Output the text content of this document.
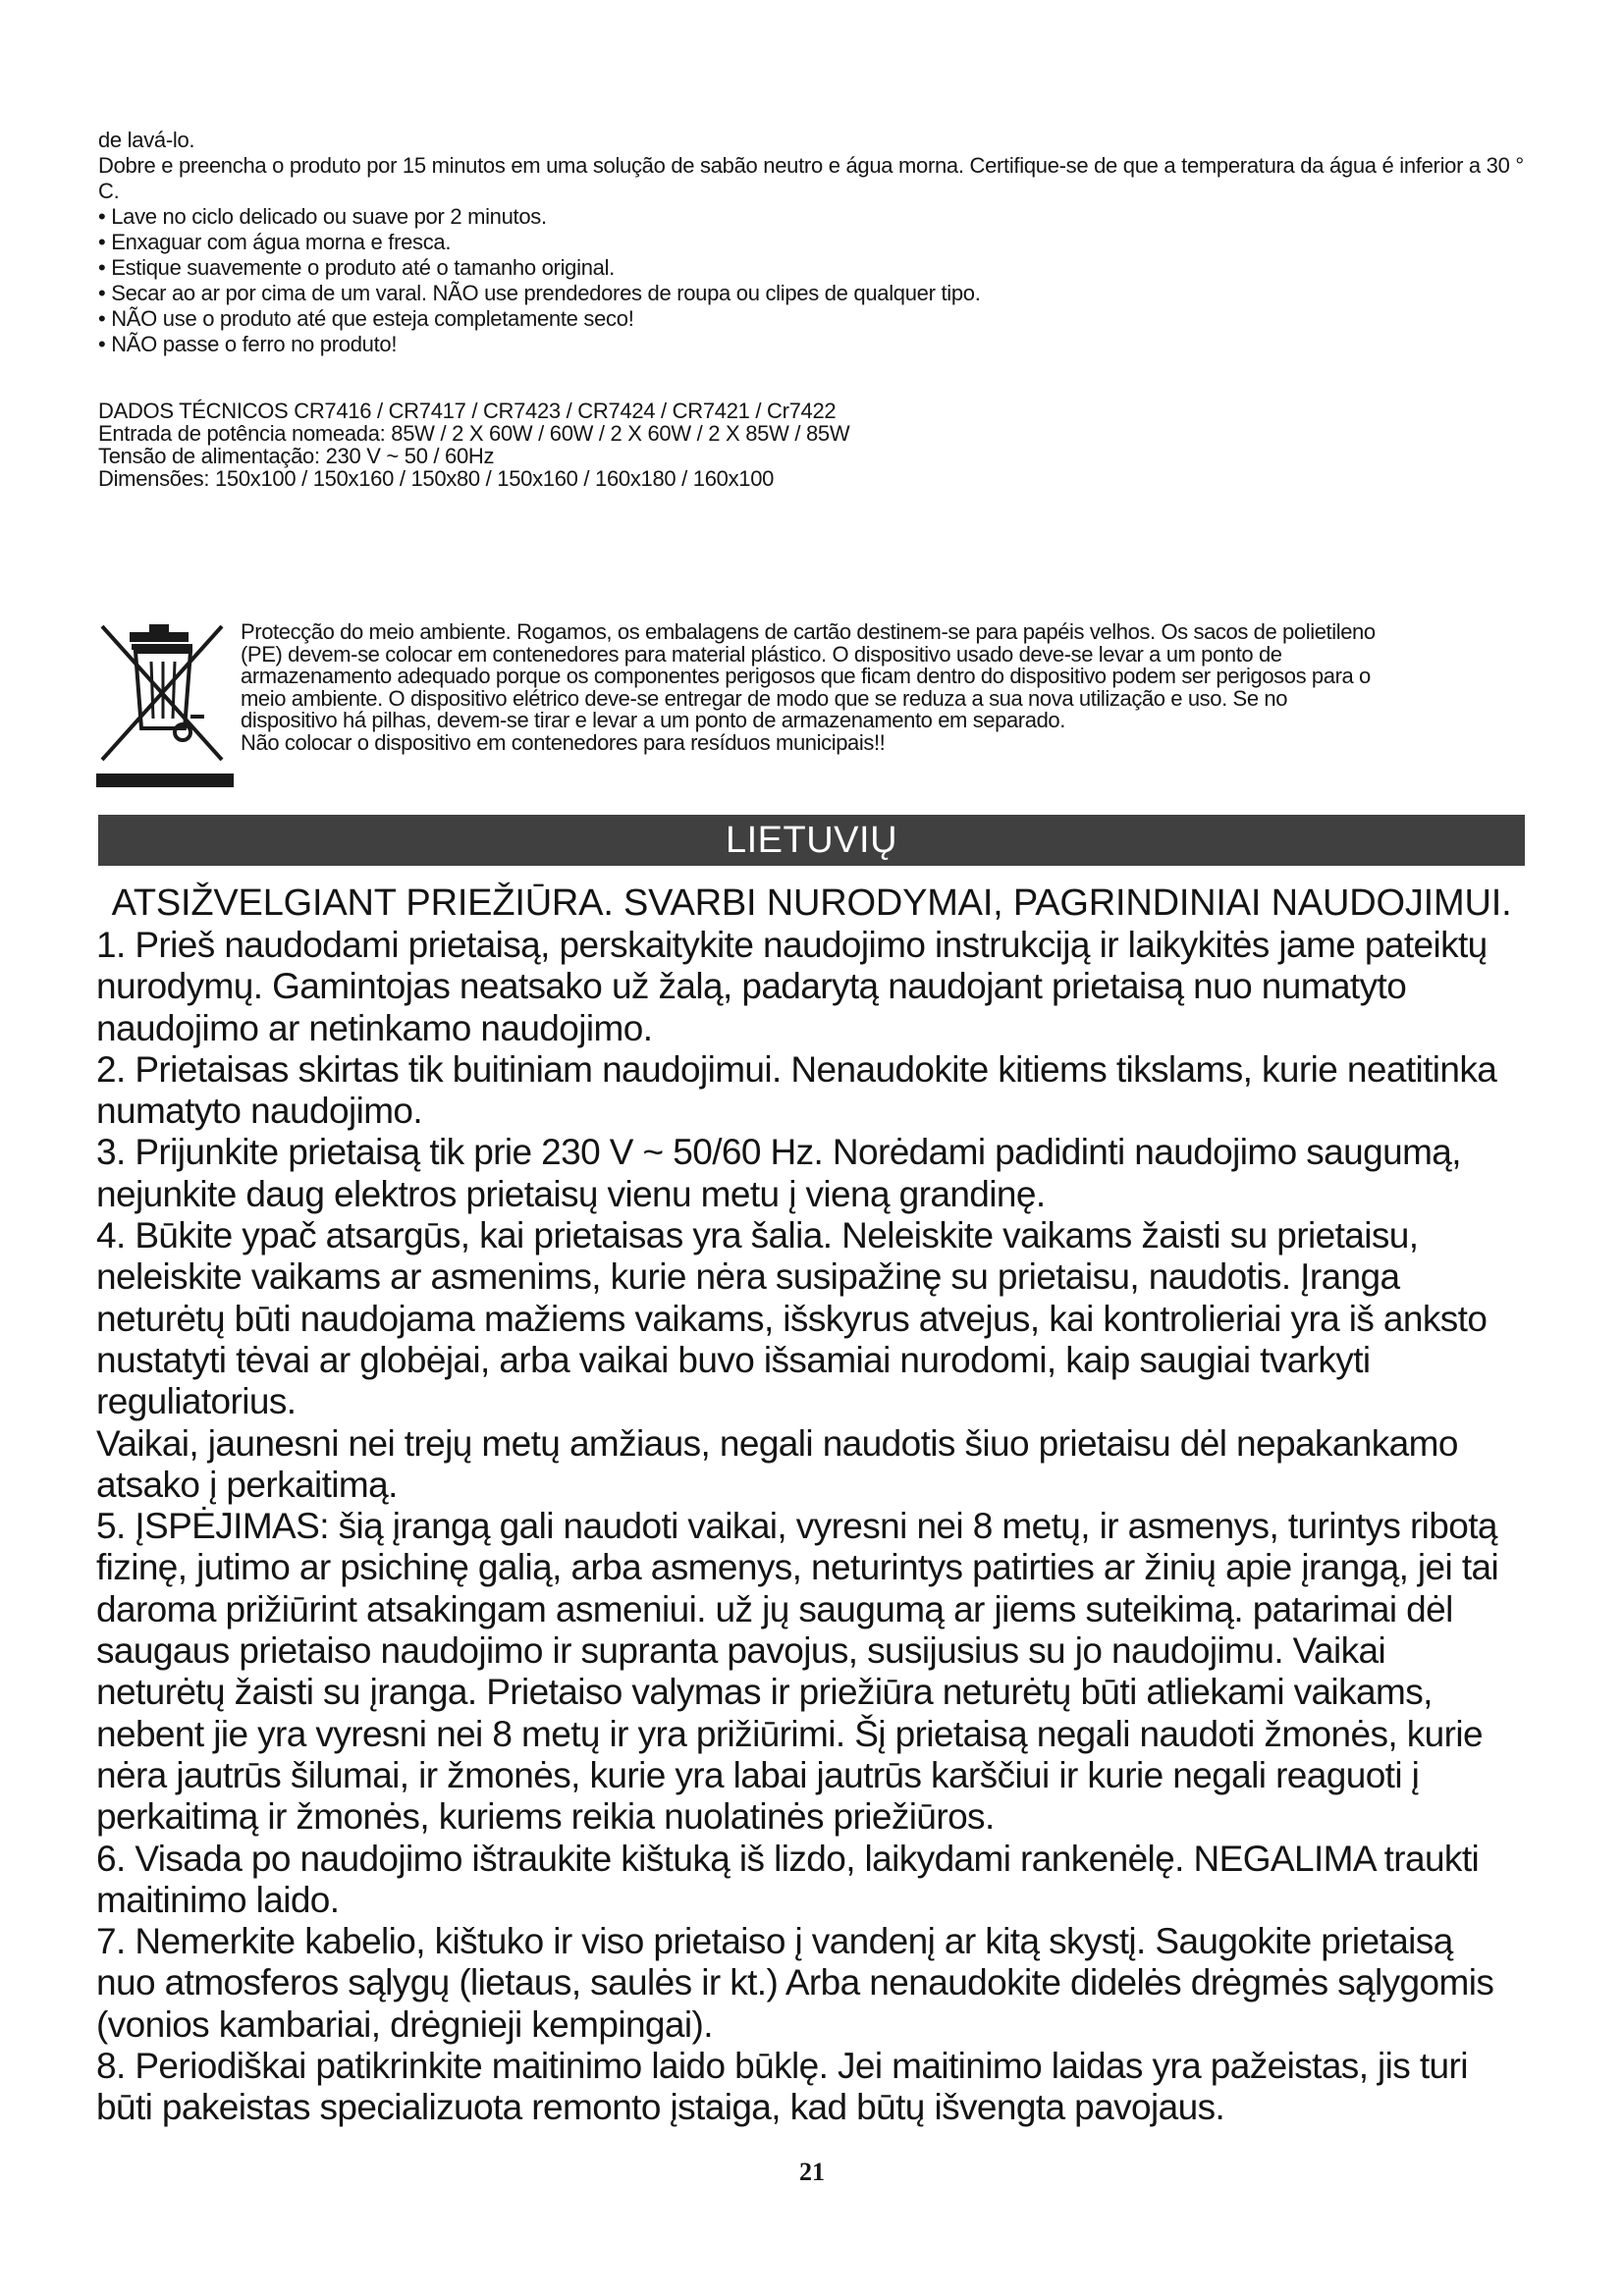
de lavá-lo.

Dobre e preencha o produto por 15 minutos em uma solução de sabão neutro e água morna. Certifique-se de que a temperatura da água é inferior a 30 ° C.

• Lave no ciclo delicado ou suave por 2 minutos.

• Enxaguar com água morna e fresca.

• Estique suavemente o produto até o tamanho original.

• Secar ao ar por cima de um varal. NÃO use prendedores de roupa ou clipes de qualquer tipo.

• NÃO use o produto até que esteja completamente seco!

• NÃO passe o ferro no produto!

DADOS TÉCNICOS CR7416 / CR7417 / CR7423 / CR7424 / CR7421 / Cr7422

Entrada de potência nomeada: 85W / 2 X 60W / 60W / 2 X 60W / 2 X 85W / 85W

Tensão de alimentação: 230 V ~ 50 / 60Hz

Dimensões: 150x100 / 150x160 / 150x80 / 150x160 / 160x180 / 160x100

Protecção do meio ambiente. Rogamos, os embalagens de cartão destinem-se para papéis velhos. Os sacos de polietileno

(PE) devem-se colocar em contenedores para material plástico. O dispositivo usado deve-se levar a um ponto de

armazenamento adequado porque os componentes perigosos que ficam dentro do dispositivo podem ser perigosos para o

meio ambiente. O dispositivo elétrico deve-se entregar de modo que se reduza a sua nova utilização e uso. Se no

dispositivo há pilhas, devem-se tirar e levar a um ponto de armazenamento em separado.

Não colocar o dispositivo em contenedores para resíduos municipais!!

LIETUVIŲ
ATSIŽVELGIANT PRIEŽIŪRA. SVARBI NURODYMAI, PAGRINDINIAI NAUDOJIMUI.

1. Prieš naudodami prietaisą, perskaitykite naudojimo instrukciją ir laikykitės jame pateiktų

nurodymų. Gamintojas neatsako už žalą, padarytą naudojant prietaisą nuo numatyto

naudojimo ar netinkamo naudojimo.

2. Prietaisas skirtas tik buitiniam naudojimui. Nenaudokite kitiems tikslams, kurie neatitinka

numatyto naudojimo.

3. Prijunkite prietaisą tik prie 230 V ~ 50/60 Hz. Norėdami padidinti naudojimo saugumą,

nejunkite daug elektros prietaisų vienu metu į vieną grandinę.

4. Būkite ypač atsargūs, kai prietaisas yra šalia. Neleiskite vaikams žaisti su prietaisu,

neleiskite vaikams ar asmenims, kurie nėra susipažinę su prietaisu, naudotis. Įranga

neturėtų būti naudojama mažiems vaikams, išskyrus atvejus, kai kontrolieriai yra iš anksto

nustatyti tėvai ar globėjai, arba vaikai buvo išsamiai nurodomi, kaip saugiai tvarkyti

reguliatorius.

Vaikai, jaunesni nei trejų metų amžiaus, negali naudotis šiuo prietaisu dėl nepakankamo

atsako į perkaitimą.

5. ĮSPĖJIMAS: šią įrangą gali naudoti vaikai, vyresni nei 8 metų, ir asmenys, turintys ribotą

fizinę, jutimo ar psichinę galią, arba asmenys, neturintys patirties ar žinių apie įrangą, jei tai

daroma prižiūrint atsakingam asmeniui. už jų saugumą ar jiems suteikimą. patarimai dėl

saugaus prietaiso naudojimo ir supranta pavojus, susijusius su jo naudojimu. Vaikai

neturėtų žaisti su įranga. Prietaiso valymas ir priežiūra neturėtų būti atliekami vaikams,

nebent jie yra vyresni nei 8 metų ir yra prižiūrimi. Šį prietaisą negali naudoti žmonės, kurie

nėra jautrūs šilumai, ir žmonės, kurie yra labai jautrūs karščiui ir kurie negali reaguoti į

perkaitimą ir žmonės, kuriems reikia nuolatinės priežiūros.

6. Visada po naudojimo ištraukite kištuką iš lizdo, laikydami rankenėlę. NEGALIMA traukti

maitinimo laido.

7. Nemerkite kabelio, kištuko ir viso prietaiso į vandenį ar kitą skystį. Saugokite prietaisą

nuo atmosferos sąlygų (lietaus, saulės ir kt.) Arba nenaudokite didelės drėgmės sąlygomis

(vonios kambariai, drėgnieji kempingai).

8. Periodiškai patikrinkite maitinimo laido būklę. Jei maitinimo laidas yra pažeistas, jis turi

būti pakeistas specializuota remonto įstaiga, kad būtų išvengta pavojaus.

21
